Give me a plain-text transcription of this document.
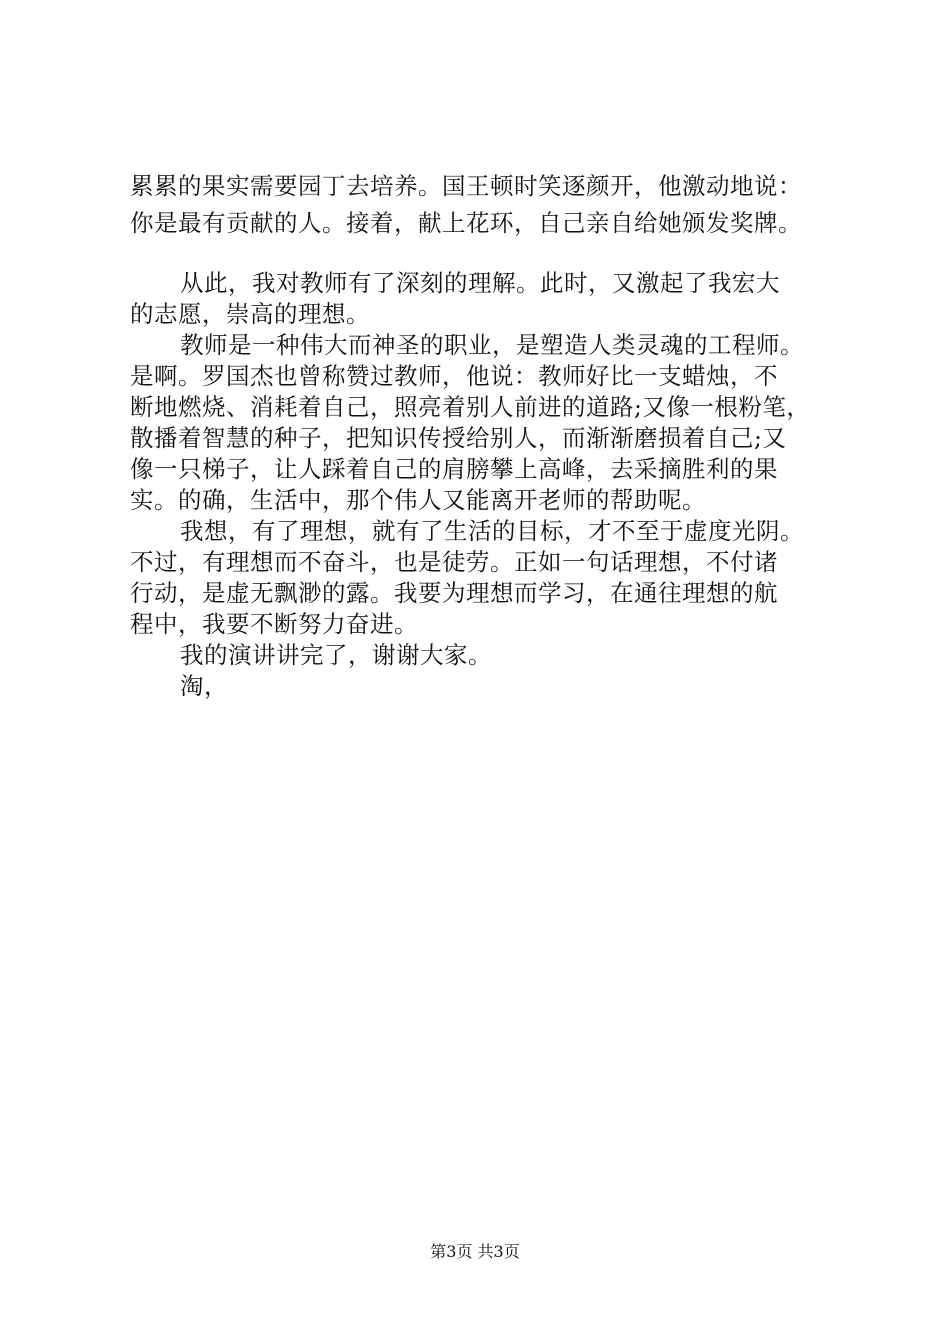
累累的果实需要园丁去培养。国王顿时笑逐颜开，他激动地说：

你是最有贡献的人。接着，献上花环，自己亲自给她颁发奖牌。

从此，我对教师有了深刻的理解。此时，又激起了我宏大

的志愿，崇高的理想。

教师是一种伟大而神圣的职业，是塑造人类灵魂的工程师。

是啊。罗国杰也曾称赞过教师，他说：教师好比一支蜡烛，不

断地燃烧、消耗着自己，照亮着别人前进的道路;又像一根粉笔，

散播着智慧的种子，把知识传授给别人，而渐渐磨损着自己;又

像一只梯子，让人踩着自己的肩膀攀上高峰，去采摘胜利的果

实。的确，生活中，那个伟人又能离开老师的帮助呢。

我想，有了理想，就有了生活的目标，才不至于虚度光阴。

不过，有理想而不奋斗，也是徒劳。正如一句话理想，不付诸

行动，是虚无飘渺的露。我要为理想而学习，在通往理想的航

程中，我要不断努力奋进。

我的演讲讲完了，谢谢大家。

淘，

第3页 共3页
